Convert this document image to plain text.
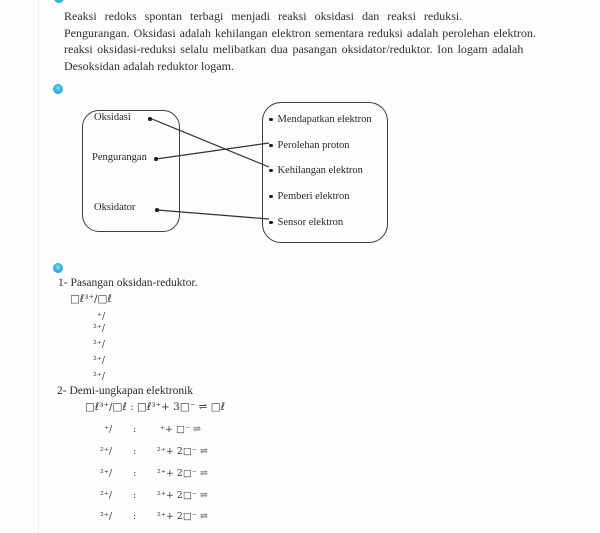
Reaksi redoks spontan terbagi menjadi reaksi oksidasi dan reaksi reduksi.
Pengurangan. Oksidasi adalah kehilangan elektron sementara reduksi adalah perolehan elektron.
reaksi oksidasi-reduksi selalu melibatkan dua pasangan oksidator/reduktor. Ion logam adalah
Desoksidan adalah reduktor logam.
Oksidasi
Pengurangan
Oksidator
Mendapatkan elektron
Perolehan proton
Kehilangan elektron
Pemberi elektron
Sensor elektron
1- Pasangan oksidan-reduktor.
□ℓ³⁺/□ℓ
⁺/
²⁺/
²⁺/
²⁺/
²⁺/
2- Demi-ungkapan elektronik
□ℓ³⁺/□ℓ : □ℓ³⁺+ 3□⁻ ⇌ □ℓ
⁺/ :	⁺+ □⁻ ⇌
²⁺/ : ²⁺+ 2□⁻ ⇌
²⁺/ : ²⁺+ 2□⁻ ⇌
²⁺/ : ²⁺+ 2□⁻ ⇌
²⁺/ : ²⁺+ 2□⁻ ⇌
